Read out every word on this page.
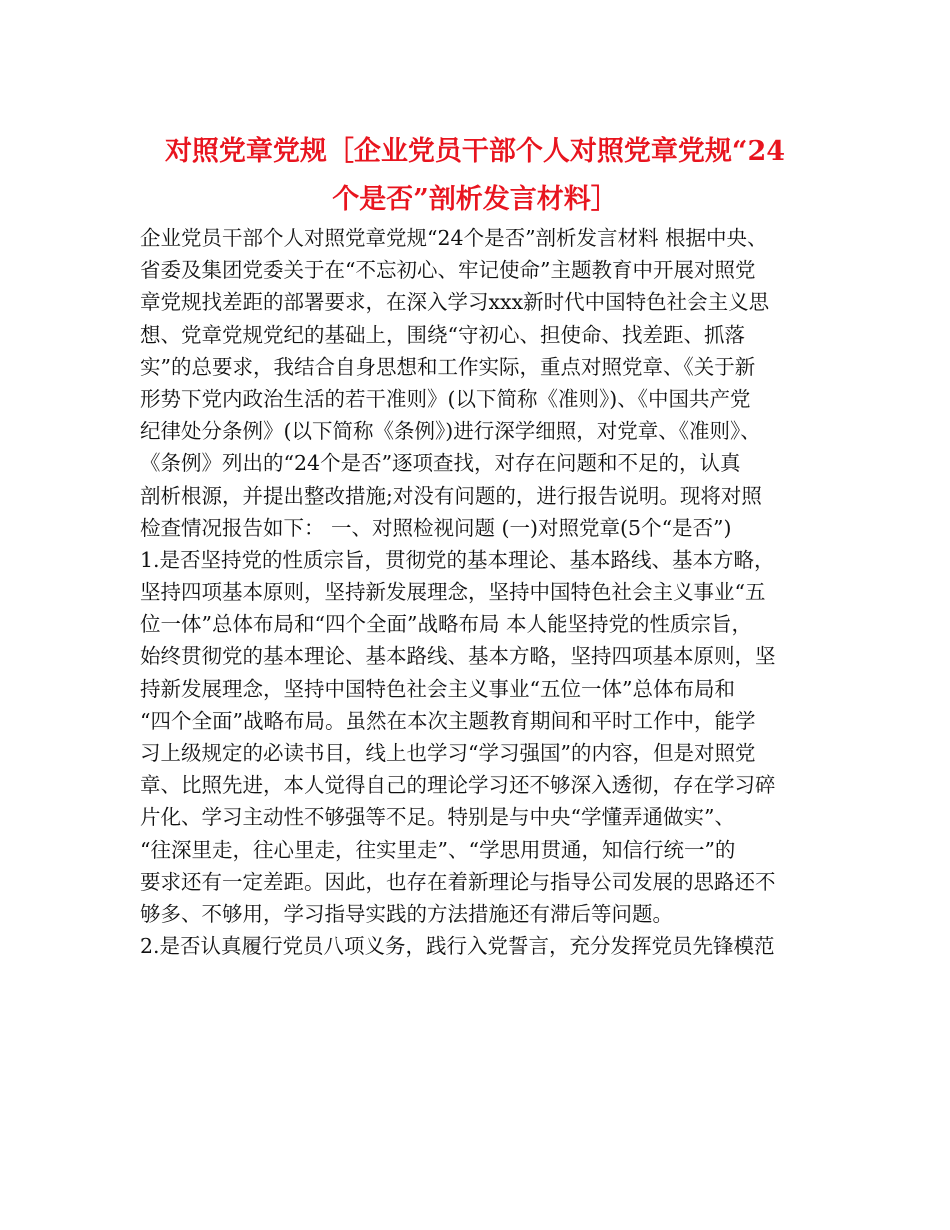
对照党章党规［企业党员干部个人对照党章党规“24
个是否”剖析发言材料］
企业党员干部个人对照党章党规“24个是否”剖析发言材料 根据中央、
省委及集团党委关于在“不忘初心、牢记使命”主题教育中开展对照党
章党规找差距的部署要求，在深入学习xxx新时代中国特色社会主义思
想、党章党规党纪的基础上，围绕“守初心、担使命、找差距、抓落
实”的总要求，我结合自身思想和工作实际，重点对照党章、《关于新
形势下党内政治生活的若干准则》(以下简称《准则》)、《中国共产党
纪律处分条例》(以下简称《条例》)进行深学细照，对党章、《准则》、
《条例》列出的“24个是否”逐项查找，对存在问题和不足的，认真
剖析根源，并提出整改措施;对没有问题的，进行报告说明。现将对照
检查情况报告如下： 一、对照检视问题 (一)对照党章(5个“是否”)
1.是否坚持党的性质宗旨，贯彻党的基本理论、基本路线、基本方略，
坚持四项基本原则，坚持新发展理念，坚持中国特色社会主义事业“五
位一体”总体布局和“四个全面”战略布局 本人能坚持党的性质宗旨，
始终贯彻党的基本理论、基本路线、基本方略，坚持四项基本原则，坚
持新发展理念，坚持中国特色社会主义事业“五位一体”总体布局和
“四个全面”战略布局。虽然在本次主题教育期间和平时工作中，能学
习上级规定的必读书目，线上也学习“学习强国”的内容，但是对照党
章、比照先进，本人觉得自己的理论学习还不够深入透彻，存在学习碎
片化、学习主动性不够强等不足。特别是与中央“学懂弄通做实”、
“往深里走，往心里走，往实里走”、“学思用贯通，知信行统一”的
要求还有一定差距。因此，也存在着新理论与指导公司发展的思路还不
够多、不够用，学习指导实践的方法措施还有滞后等问题。
2.是否认真履行党员八项义务，践行入党誓言，充分发挥党员先锋模范
